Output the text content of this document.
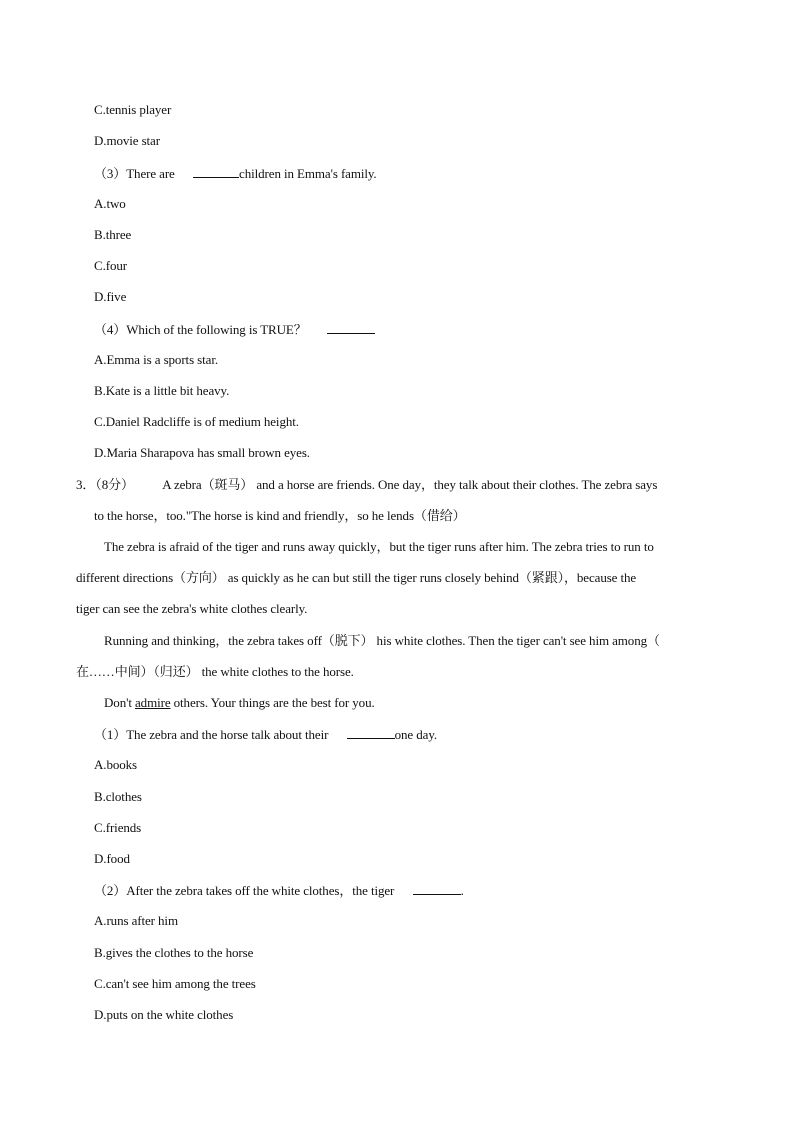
C.tennis player
D.movie star
（3）There are	children in Emma's family.
A.two
B.three
C.four
D.five
（4）Which of the following is TRUE？
A.Emma is a sports star.
B.Kate is a little bit heavy.
C.Daniel Radcliffe is of medium height.
D.Maria Sharapova has small brown eyes.
3．（8分） A zebra（斑马） and a horse are friends. One day，they talk about their clothes. The zebra says
to the horse，too."The horse is kind and friendly，so he lends（借给）
The zebra is afraid of the tiger and runs away quickly，but the tiger runs after him. The zebra tries to run to
different directions（方向） as quickly as he can but still the tiger runs closely behind（紧跟），because the
tiger can see the zebra's white clothes clearly.
Running and thinking，the zebra takes off（脱下） his white clothes. Then the tiger can't see him among（
在……中间）（归还） the white clothes to the horse.
Don't admire others. Your things are the best for you.
（1）The zebra and the horse talk about their	one day.
A.books
B.clothes
C.friends
D.food
（2）After the zebra takes off the white clothes，the tiger	.
A.runs after him
B.gives the clothes to the horse
C.can't see him among the trees
D.puts on the white clothes
